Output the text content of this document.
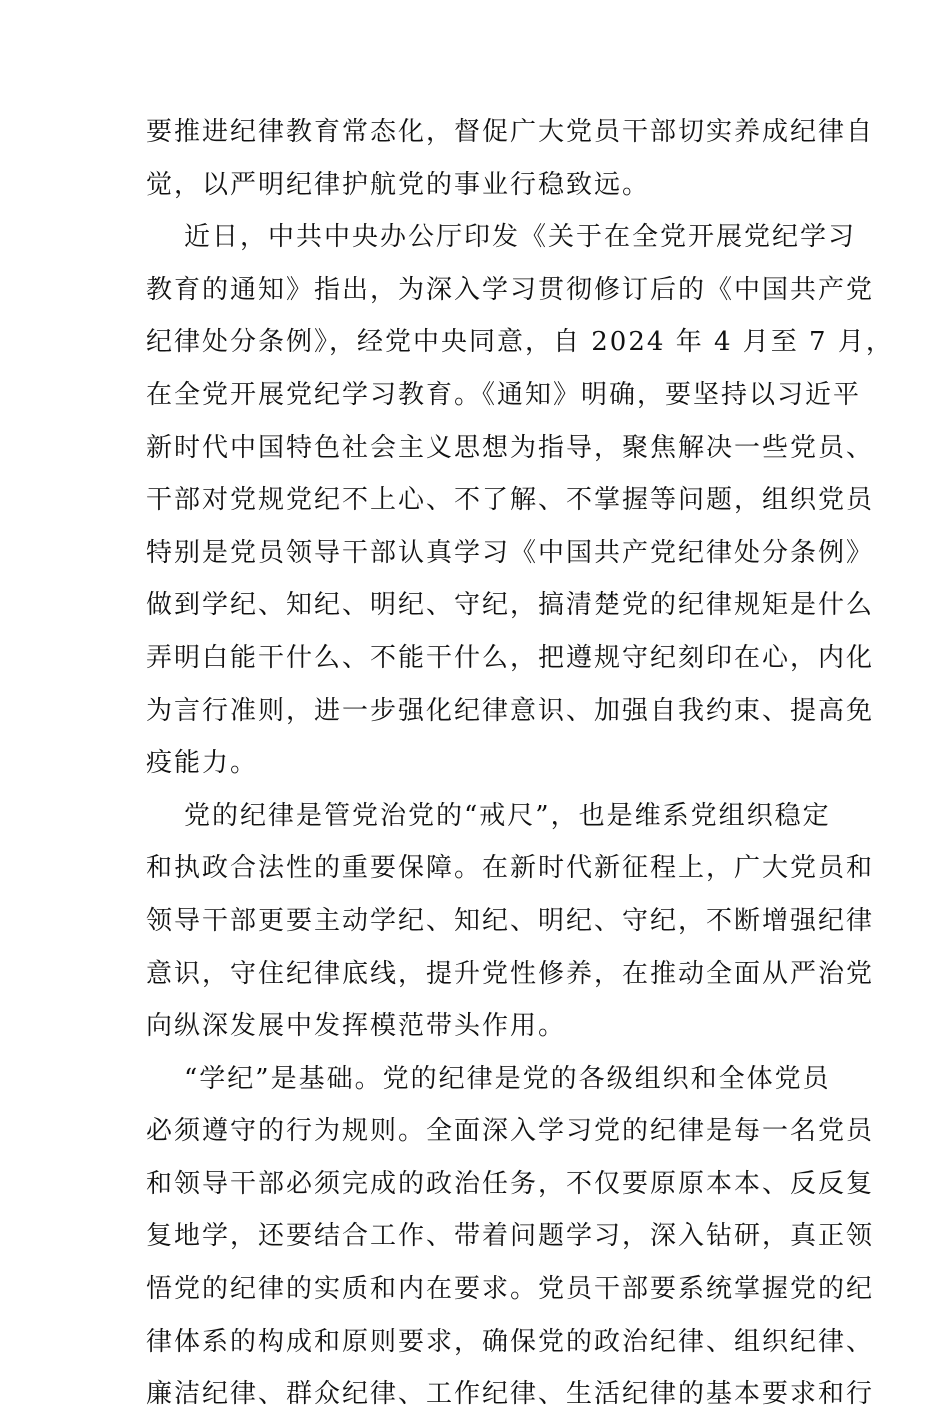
要推进纪律教育常态化，督促广大党员干部切实养成纪律自
觉，以严明纪律护航党的事业行稳致远。
近日，中共中央办公厅印发《关于在全党开展党纪学习
教育的通知》指出，为深入学习贯彻修订后的《中国共产党
纪律处分条例》，经党中央同意，自 2024 年 4 月至 7 月，
在全党开展党纪学习教育。《通知》明确，要坚持以习近平
新时代中国特色社会主义思想为指导，聚焦解决一些党员、
干部对党规党纪不上心、不了解、不掌握等问题，组织党员
特别是党员领导干部认真学习《中国共产党纪律处分条例》
做到学纪、知纪、明纪、守纪，搞清楚党的纪律规矩是什么
弄明白能干什么、不能干什么，把遵规守纪刻印在心，内化
为言行准则，进一步强化纪律意识、加强自我约束、提高免
疫能力。
党的纪律是管党治党的“戒尺”，也是维系党组织稳定
和执政合法性的重要保障。在新时代新征程上，广大党员和
领导干部更要主动学纪、知纪、明纪、守纪，不断增强纪律
意识，守住纪律底线，提升党性修养，在推动全面从严治党
向纵深发展中发挥模范带头作用。
“学纪”是基础。党的纪律是党的各级组织和全体党员
必须遵守的行为规则。全面深入学习党的纪律是每一名党员
和领导干部必须完成的政治任务，不仅要原原本本、反反复
复地学，还要结合工作、带着问题学习，深入钻研，真正领
悟党的纪律的实质和内在要求。党员干部要系统掌握党的纪
律体系的构成和原则要求，确保党的政治纪律、组织纪律、
廉洁纪律、群众纪律、工作纪律、生活纪律的基本要求和行
